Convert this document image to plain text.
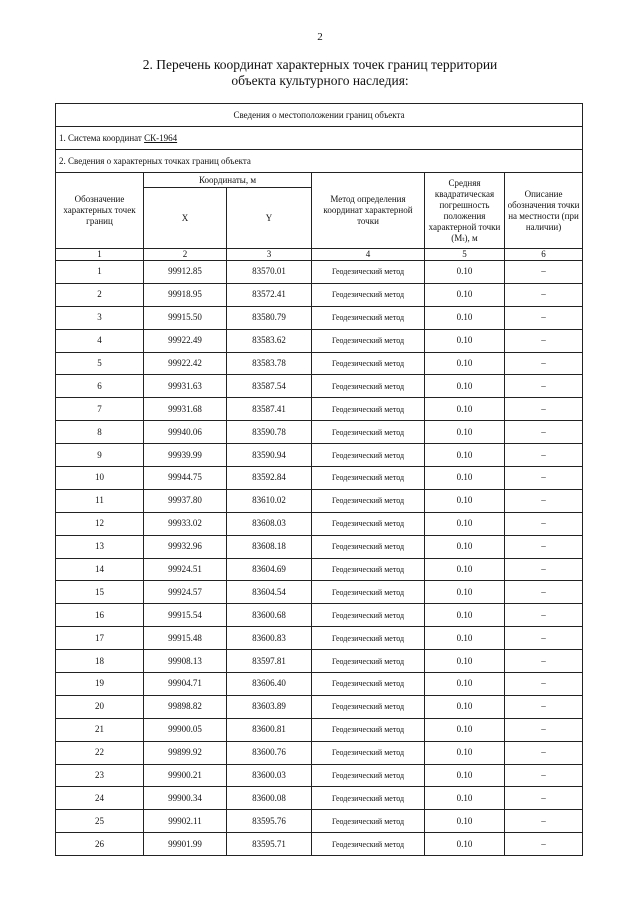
2
2. Перечень координат характерных точек границ территории
объекта культурного наследия:
Сведения о местоположении границ объекта					
1. Система координат СК-1964					
2. Сведения о характерных точках границ объекта					
Обозначение характерных точек границ	Координаты, м		Метод определения координат характерной точки	Средняя квадратическая погрешность положения характерной точки (Mₜ), м	Описание обозначения точки на местности (при наличии)
	X	Y			
1	2	3	4	5	6
1	99912.85	83570.01	Геодезический метод	0.10	–
2	99918.95	83572.41	Геодезический метод	0.10	–
3	99915.50	83580.79	Геодезический метод	0.10	–
4	99922.49	83583.62	Геодезический метод	0.10	–
5	99922.42	83583.78	Геодезический метод	0.10	–
6	99931.63	83587.54	Геодезический метод	0.10	–
7	99931.68	83587.41	Геодезический метод	0.10	–
8	99940.06	83590.78	Геодезический метод	0.10	–
9	99939.99	83590.94	Геодезический метод	0.10	–
10	99944.75	83592.84	Геодезический метод	0.10	–
11	99937.80	83610.02	Геодезический метод	0.10	–
12	99933.02	83608.03	Геодезический метод	0.10	–
13	99932.96	83608.18	Геодезический метод	0.10	–
14	99924.51	83604.69	Геодезический метод	0.10	–
15	99924.57	83604.54	Геодезический метод	0.10	–
16	99915.54	83600.68	Геодезический метод	0.10	–
17	99915.48	83600.83	Геодезический метод	0.10	–
18	99908.13	83597.81	Геодезический метод	0.10	–
19	99904.71	83606.40	Геодезический метод	0.10	–
20	99898.82	83603.89	Геодезический метод	0.10	–
21	99900.05	83600.81	Геодезический метод	0.10	–
22	99899.92	83600.76	Геодезический метод	0.10	–
23	99900.21	83600.03	Геодезический метод	0.10	–
24	99900.34	83600.08	Геодезический метод	0.10	–
25	99902.11	83595.76	Геодезический метод	0.10	–
26	99901.99	83595.71	Геодезический метод	0.10	–
